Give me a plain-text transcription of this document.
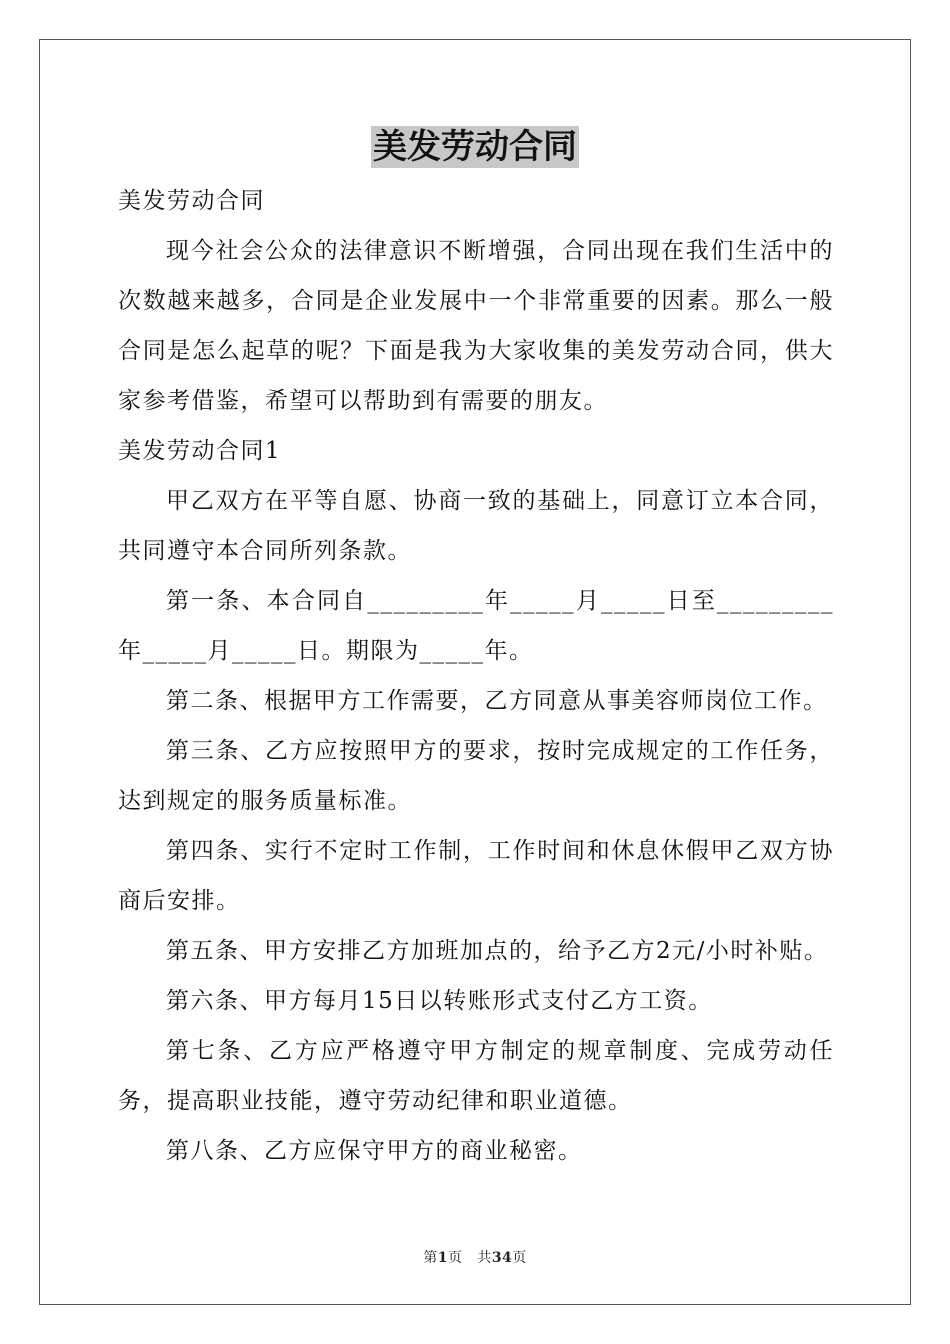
美发劳动合同

美发劳动合同

现今社会公众的法律意识不断增强，合同出现在我们生活中的次数越来越多，合同是企业发展中一个非常重要的因素。那么一般合同是怎么起草的呢？下面是我为大家收集的美发劳动合同，供大家参考借鉴，希望可以帮助到有需要的朋友。

美发劳动合同1

甲乙双方在平等自愿、协商一致的基础上，同意订立本合同，共同遵守本合同所列条款。

第一条、本合同自_________年_____月_____日至_________年_____月_____日。期限为_____年。

第二条、根据甲方工作需要，乙方同意从事美容师岗位工作。

第三条、乙方应按照甲方的要求，按时完成规定的工作任务，达到规定的服务质量标准。

第四条、实行不定时工作制，工作时间和休息休假甲乙双方协商后安排。

第五条、甲方安排乙方加班加点的，给予乙方2元/小时补贴。

第六条、甲方每月15日以转账形式支付乙方工资。

第七条、乙方应严格遵守甲方制定的规章制度、完成劳动任务，提高职业技能，遵守劳动纪律和职业道德。

第八条、乙方应保守甲方的商业秘密。

第1页 共34页
